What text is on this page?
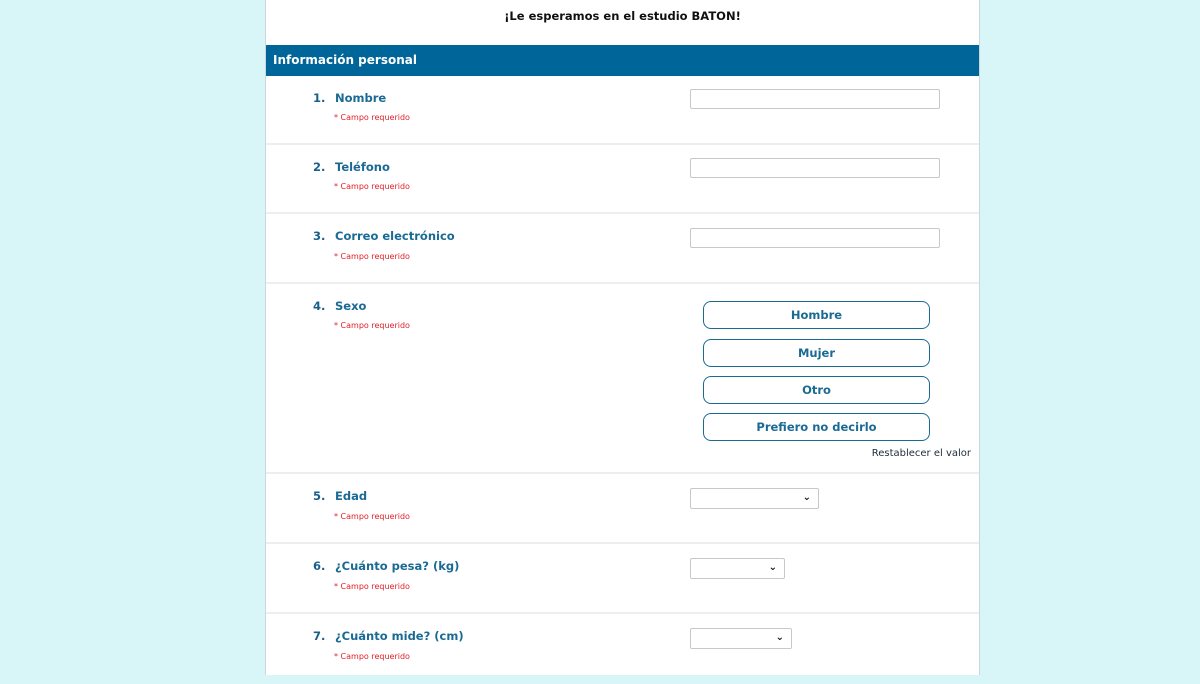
¡Le esperamos en el estudio BATON!
Información personal
1. Nombre
* Campo requerido
2. Teléfono
* Campo requerido
3. Correo electrónico
* Campo requerido
4. Sexo
* Campo requerido
Hombre
Mujer
Otro
Prefiero no decirlo
Restablecer el valor
5. Edad
* Campo requerido
⌄
6. ¿Cuánto pesa? (kg)
* Campo requerido
⌄
7. ¿Cuánto mide? (cm)
* Campo requerido
⌄
